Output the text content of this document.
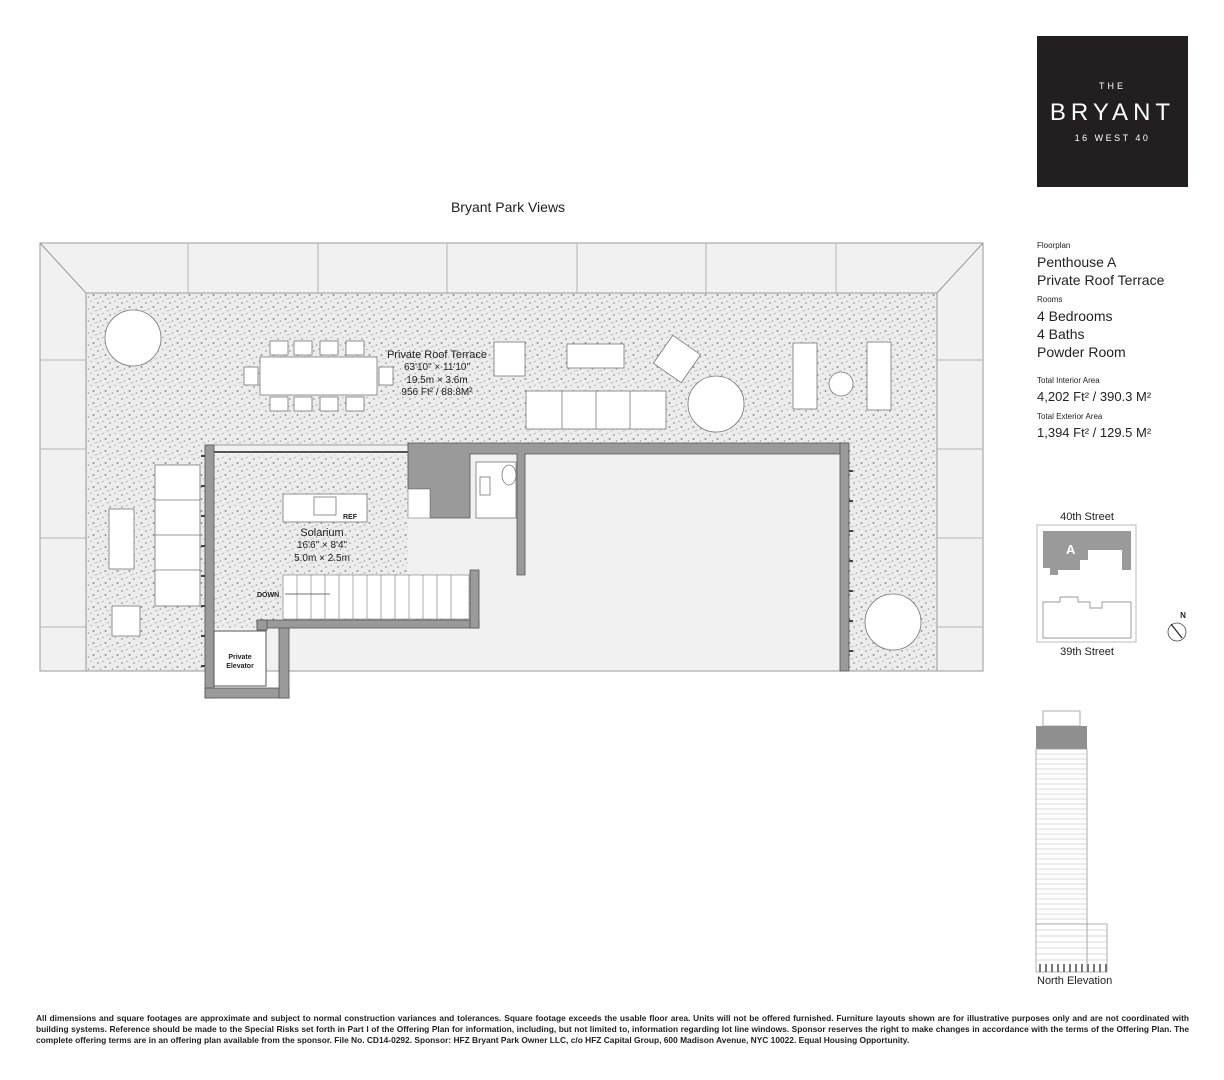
THE
BRYANT
16 WEST 40
Bryant Park Views
REF
DOWN
Private
Elevator
Private Roof Terrace
63'10" × 11'10"
19.5m × 3.6m
956 Ft² / 88.8M²
Solarium
16'6" × 8'4"
5.0m × 2.5m
Floorplan
Penthouse A
Private Roof Terrace
Rooms
4 Bedrooms
4 Baths
Powder Room
Total Interior Area
4,202 Ft² / 390.3 M²
Total Exterior Area
1,394 Ft² / 129.5 M²
40th Street
A
N
39th Street
North Elevation
All dimensions and square footages are approximate and subject to normal construction variances and tolerances. Square footage exceeds the usable floor area. Units will not be offered furnished. Furniture layouts shown are for illustrative purposes only and are not coordinated with building systems. Reference should be made to the Special Risks set forth in Part I of the Offering Plan for information, including, but not limited to, information regarding lot line windows. Sponsor reserves the right to make changes in accordance with the terms of the Offering Plan. The complete offering terms are in an offering plan available from the sponsor. File No. CD14-0292. Sponsor: HFZ Bryant Park Owner LLC, c/o HFZ Capital Group, 600 Madison Avenue, NYC 10022. Equal Housing Opportunity.
